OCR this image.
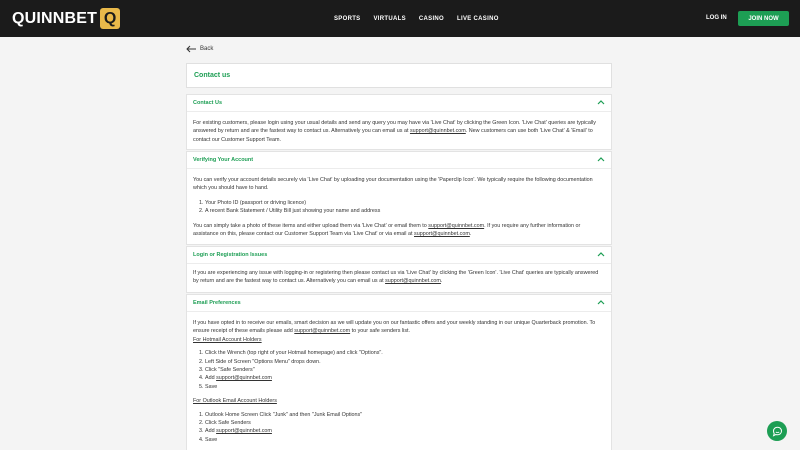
QUINNBET Q	SPORTS VIRTUALS CASINO LIVE CASINO	LOG IN	JOIN NOW
Back
Contact us
Contact Us

For existing customers, please login using your usual details and send any query you may have via 'Live Chat' by clicking the Green Icon. 'Live Chat' queries are typically answered by return and are the fastest way to contact us. Alternatively you can email us at support@quinnbet.com. New customers can use both 'Live Chat' & 'Email' to contact our Customer Support Team.

Verifying Your Account

You can verify your account details securely via 'Live Chat' by uploading your documentation using the 'Paperclip Icon'. We typically require the following documentation which you should have to hand.

1. Your Photo ID (passport or driving licence)
2. A recent Bank Statement / Utility Bill just showing your name and address

You can simply take a photo of these items and either upload them via 'Live Chat' or email them to support@quinnbet.com. If you require any further information or assistance on this, please contact our Customer Support Team via 'Live Chat' or via email at support@quinnbet.com.

Login or Registration Issues

If you are experiencing any issue with logging-in or registering then please contact us via 'Live Chat' by clicking the 'Green Icon'. 'Live Chat' queries are typically answered by return and are the fastest way to contact us. Alternatively you can email us at support@quinnbet.com.

Email Preferences

If you have opted in to receive our emails, smart decision as we will update you on our fantastic offers and your weekly standing in our unique Quarterback promotion. To ensure receipt of these emails please add support@quinnbet.com to your safe senders list.

For Hotmail Account Holders

1. Click the Wrench (top right of your Hotmail homepage) and click "Options".
2. Left Side of Screen "Options Menu" drops down.
3. Click "Safe Senders"
4. Add support@quinnbet.com
5. Save

For Outlook Email Account Holders

1. Outlook Home Screen Click "Junk" and then "Junk Email Options"
2. Click Safe Senders
3. Add support@quinnbet.com
4. Save
